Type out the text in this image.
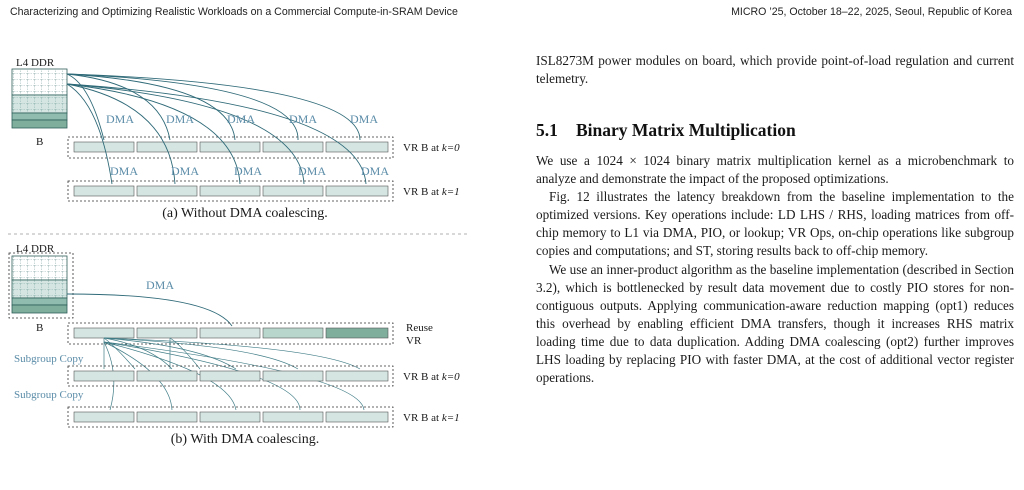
Characterizing and Optimizing Realistic Workloads on a Commercial Compute-in-SRAM Device	MICRO ’25, October 18–22, 2025, Seoul, Republic of Korea
L4 DDR
B	VR B at k=0
VR B at k=1
DMA	DMA	DMA	DMA	DMA
DMA	DMA	DMA	DMA	DMA
L4 DDR
B
DMA
Reuse
VR
Subgroup Copy
VR B at k=0
Subgroup Copy
VR B at k=1
(a) Without DMA coalescing.
(b) With DMA coalescing.

ISL8273M power modules on board, which provide point-of-load regulation and current telemetry.

5.1 Binary Matrix Multiplication

We use a 1024 × 1024 binary matrix multiplication kernel as a microbenchmark to analyze and demonstrate the impact of the proposed optimizations.

Fig. 12 illustrates the latency breakdown from the baseline implementation to the optimized versions. Key operations include: LD LHS / RHS, loading matrices from off-chip memory to L1 via DMA, PIO, or lookup; VR Ops, on-chip operations like subgroup copies and computations; and ST, storing results back to off-chip memory.

We use an inner-product algorithm as the baseline implementation (described in Section 3.2), which is bottlenecked by result data movement due to costly PIO stores for non-contiguous outputs. Applying communication-aware reduction mapping (opt1) reduces this overhead by enabling efficient DMA transfers, though it increases RHS matrix loading time due to data duplication. Adding DMA coalescing (opt2) further improves LHS loading by replacing PIO with faster DMA, at the cost of additional vector register operations.
